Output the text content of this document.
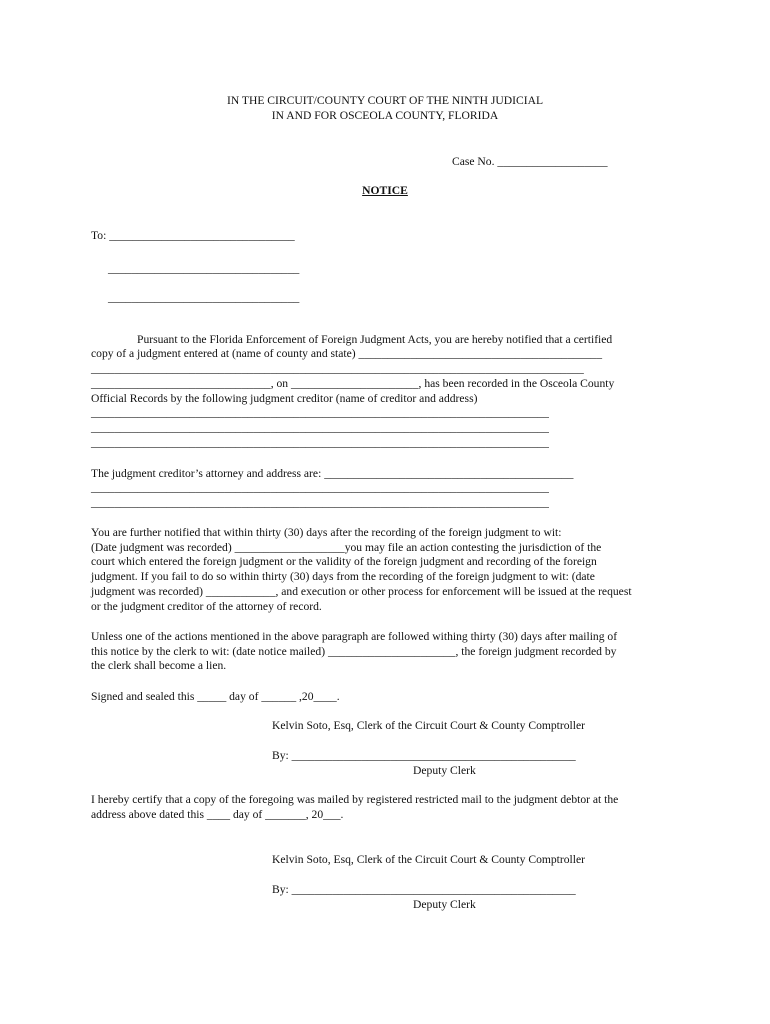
IN THE CIRCUIT/COUNTY COURT OF THE NINTH JUDICIAL
IN AND FOR OSCEOLA COUNTY, FLORIDA
Case No. ___________________
NOTICE
To: ________________________________
_________________________________
_________________________________
Pursuant to the Florida Enforcement of Foreign Judgment Acts, you are hereby notified that a certified
copy of a judgment entered at (name of county and state) __________________________________________
_____________________________________________________________________________________
_______________________________, on ______________________, has been recorded in the Osceola County
Official Records by the following judgment creditor (name of creditor and address)
_______________________________________________________________________________
_______________________________________________________________________________
_______________________________________________________________________________
The judgment creditor’s attorney and address are: ___________________________________________
_______________________________________________________________________________
_______________________________________________________________________________
You are further notified that within thirty (30) days after the recording of the foreign judgment to wit:
(Date judgment was recorded) ___________________you may file an action contesting the jurisdiction of the
court which entered the foreign judgment or the validity of the foreign judgment and recording of the foreign
judgment. If you fail to do so within thirty (30) days from the recording of the foreign judgment to wit: (date
judgment was recorded) ____________, and execution or other process for enforcement will be issued at the request
or the judgment creditor of the attorney of record.
Unless one of the actions mentioned in the above paragraph are followed withing thirty (30) days after mailing of
this notice by the clerk to wit: (date notice mailed) ______________________, the foreign judgment recorded by
the clerk shall become a lien.
Signed and sealed this _____ day of ______ ,20____.
Kelvin Soto, Esq, Clerk of the Circuit Court & County Comptroller
By: _________________________________________________
Deputy Clerk
I hereby certify that a copy of the foregoing was mailed by registered restricted mail to the judgment debtor at the
address above dated this ____ day of _______, 20___.
Kelvin Soto, Esq, Clerk of the Circuit Court & County Comptroller
By: _________________________________________________
Deputy Clerk
